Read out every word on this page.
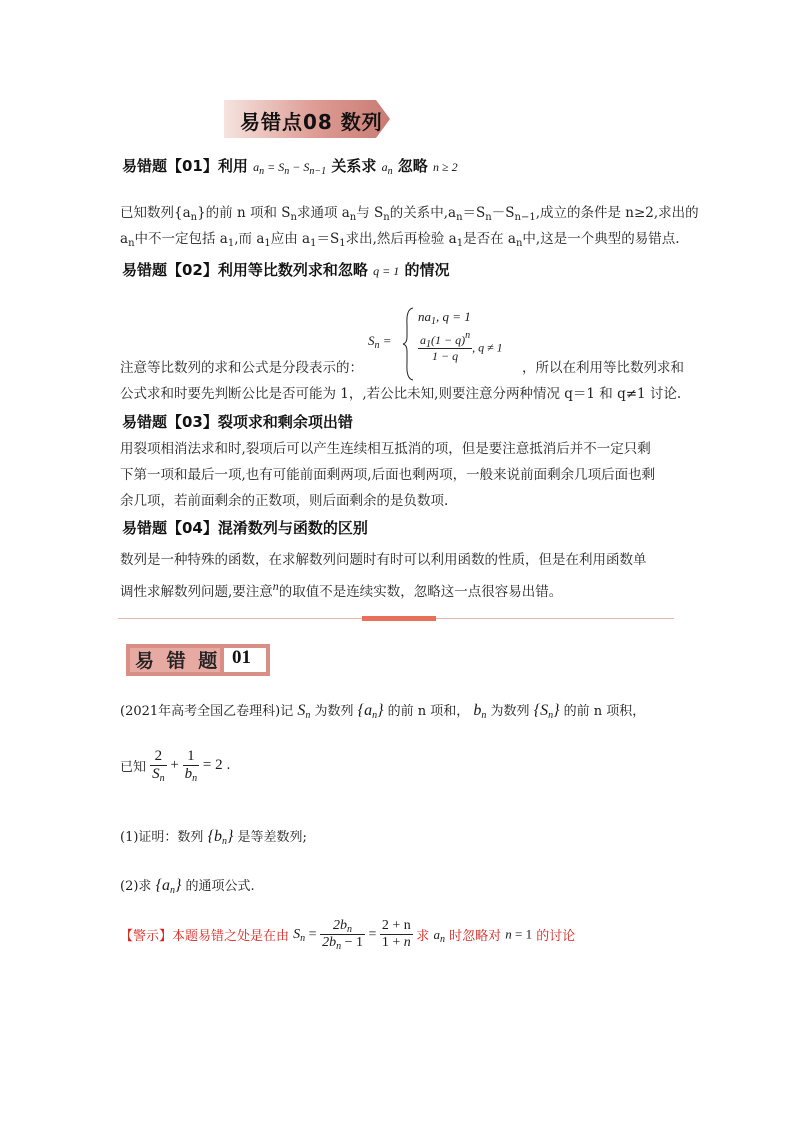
易错点08 数列
易错题【01】利用 $a_n = S_n - S_{n-1}$ 关系求 $a_n$ 忽略 n ≥ 2
已知数列$\{a_n\}$的前 n 项和 $S_n$求通项 $a_n$与 $S_n$的关系中$,a_n=S_n-S_{n-1}$,成立的条件是 n≥2,求出的
$a_n$中不一定包括 $a_1$,而 $a_1$应由 $a_1=S_1$求出,然后再检验 $a_1$是否在 $a_n$中,这是一个典型的易错点.
易错题【02】利用等比数列求和忽略 q = 1 的情况
$S_n$ =
$na_1$, q = 1
$\frac{a_1(1 - q)^n}{1 - q}$ , q ≠ 1
注意等比数列的求和公式是分段表示的：	，所以在利用等比数列求和
公式求和时要先判断公比是否可能为 1，,若公比未知,则要注意分两种情况 q＝1 和 q≠1 讨论.
易错题【03】裂项求和剩余项出错
用裂项相消法求和时,裂项后可以产生连续相互抵消的项，但是要注意抵消后并不一定只剩
下第一项和最后一项,也有可能前面剩两项,后面也剩两项，一般来说前面剩余几项后面也剩
余几项，若前面剩余的正数项，则后面剩余的是负数项.
易错题【04】混淆数列与函数的区别
数列是一种特殊的函数，在求解数列问题时有时可以利用函数的性质，但是在利用函数单
调性求解数列问题,要注意$^n$的取值不是连续实数，忽略这一点很容易出错。
易 错 题 01
(2021年高考全国乙卷理科)记 $S_n$ 为数列 $\{a_n\}$ 的前 n 项和， $b_n$ 为数列 $\{S_n\}$ 的前 n 项积，
已知 $\frac{2}{S_n} + \frac{1}{b_n} = 2$ .
(1)证明：数列 $\{b_n\}$ 是等差数列;
(2)求 $\{a_n\}$ 的通项公式.
【警示】本题易错之处是在由 $S_n = \frac{2b_n}{2b_n - 1} = \frac{2 + n}{1 + n}$ 求 $a_n$ 时忽略对 n = 1 的讨论
